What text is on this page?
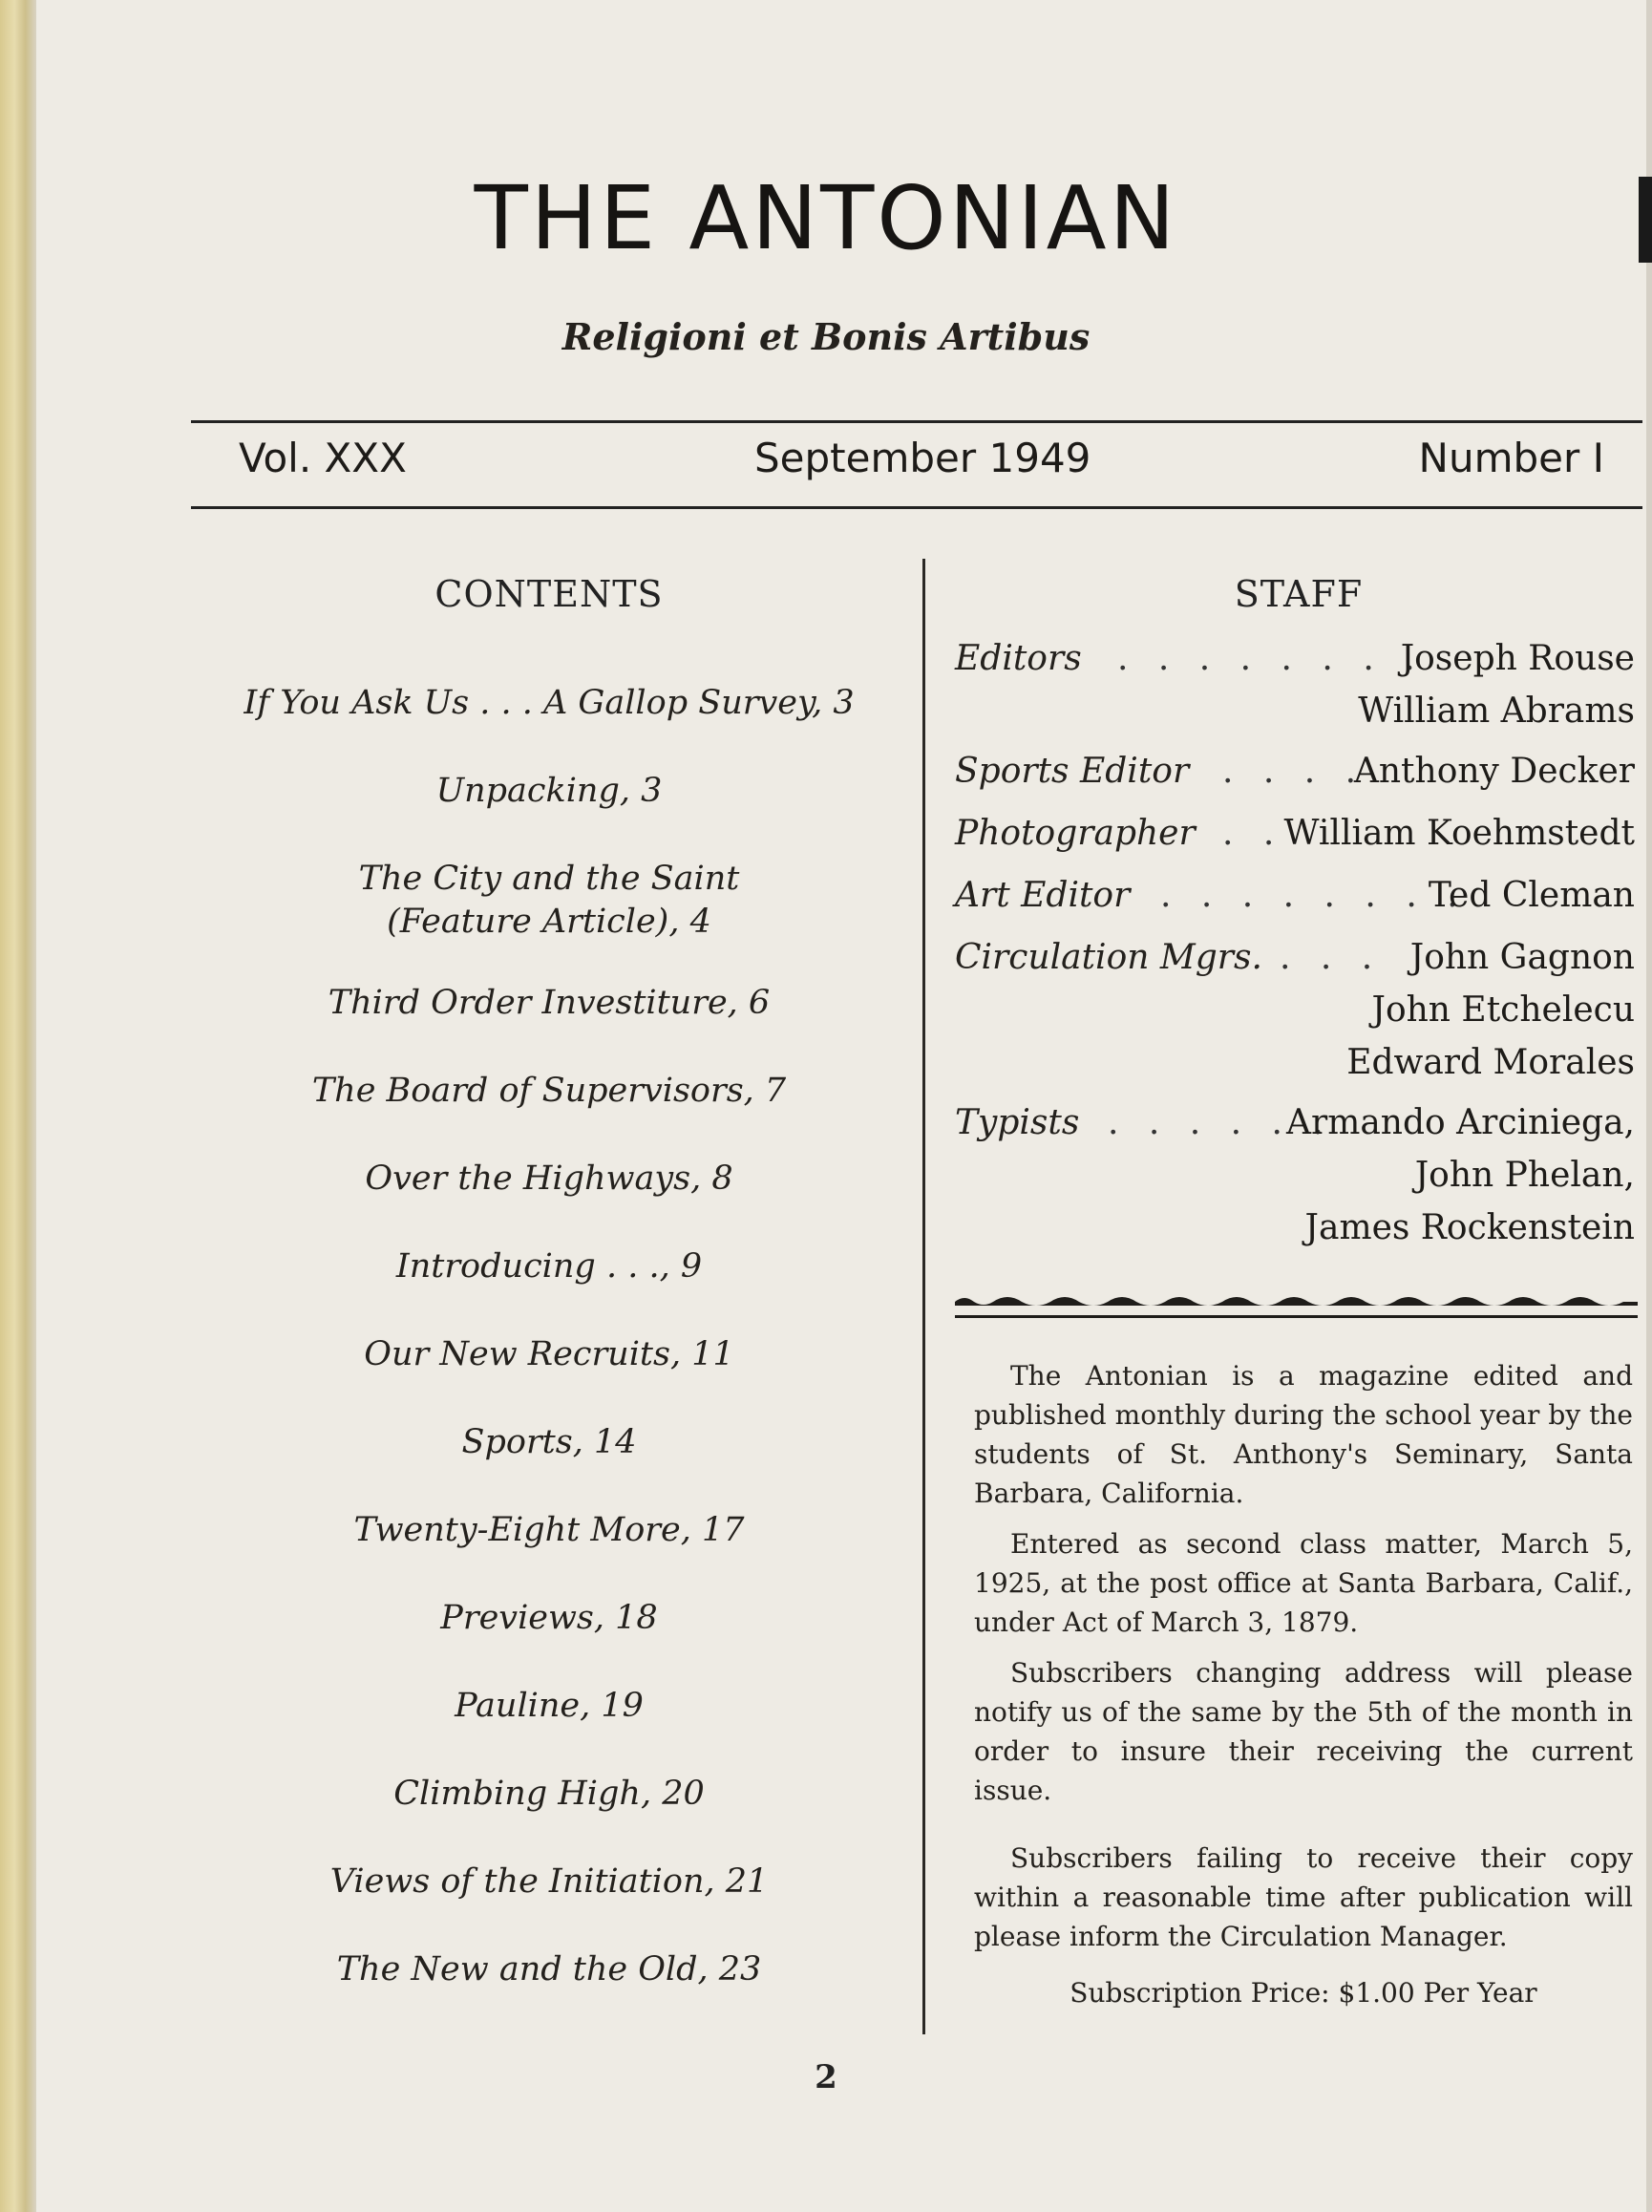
THE ANTONIAN
Religioni et Bonis Artibus
Vol. XXX	September 1949	Number I
CONTENTS
If You Ask Us . . . A Gallop Survey, 3
Unpacking, 3
The City and the Saint (Feature Article), 4
Third Order Investiture, 6
The Board of Supervisors, 7
Over the Highways, 8
Introducing . . ., 9
Our New Recruits, 11
Sports, 14
Twenty-Eight More, 17
Previews, 18
Pauline, 19
Climbing High, 20
Views of the Initiation, 21
The New and the Old, 23
STAFF
Editors . . . . . . . .
Joseph Rouse
William Abrams
Sports Editor . . . .
Anthony Decker
Photographer . . William Koehmstedt
Art Editor . . . . . . . .
Ted Cleman
Circulation Mgrs. . . . John Gagnon
John Etchelecu
Edward Morales
Typists . . . . . .
Armando Arciniega,
John Phelan,
James Rockenstein

The Antonian is a magazine edited and published monthly during the school year by the students of St. Anthony's Seminary, Santa Barbara, California.

Entered as second class matter, March 5, 1925, at the post office at Santa Barbara, Calif., under Act of March 3, 1879.

Subscribers changing address will please notify us of the same by the 5th of the month in order to insure their receiving the current issue.

Subscribers failing to receive their copy within a reasonable time after publication will please inform the Circulation Manager.

Subscription Price: $1.00 Per Year

2
